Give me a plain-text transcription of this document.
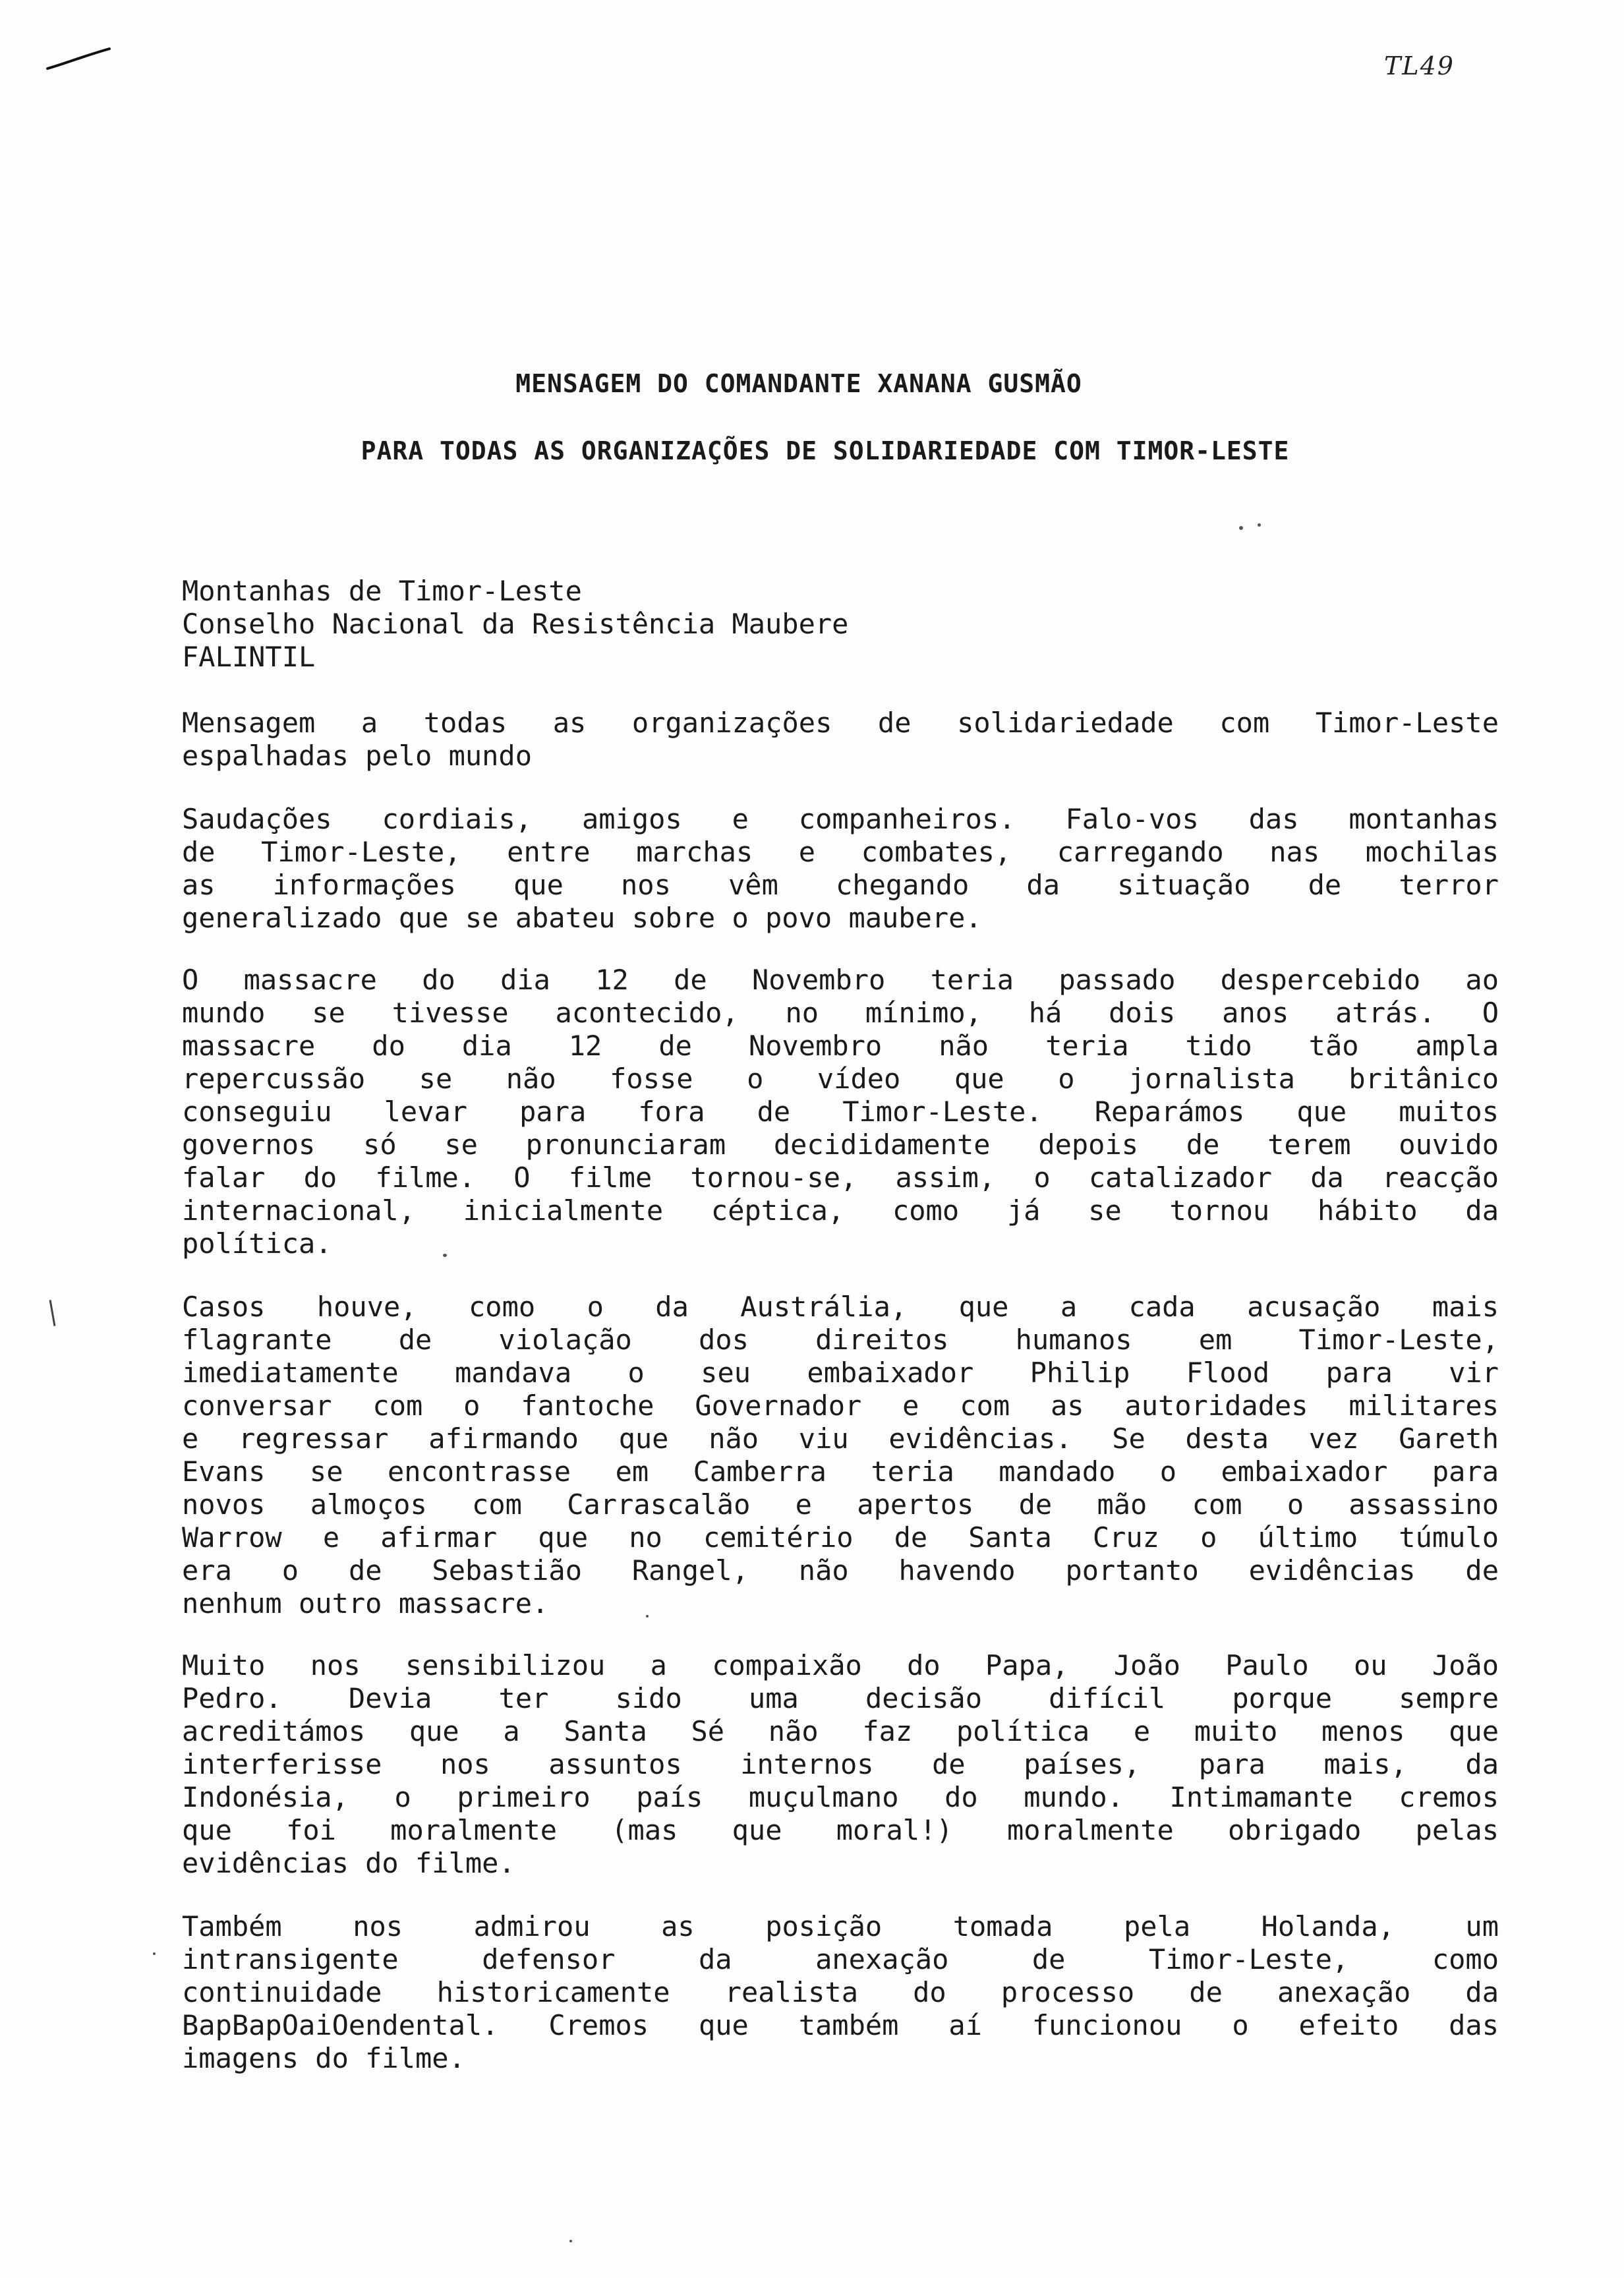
TL49
MENSAGEM DO COMANDANTE XANANA GUSMÃO
PARA TODAS AS ORGANIZAÇÕES DE SOLIDARIEDADE COM TIMOR-LESTE
Montanhas de Timor-Leste
Conselho Nacional da Resistência Maubere
FALINTIL
Mensagem a todas as organizações de solidariedade com Timor-Leste
espalhadas pelo mundo
Saudações cordiais, amigos e companheiros. Falo-vos das montanhas
de Timor-Leste, entre marchas e combates, carregando nas mochilas
as informações que nos vêm chegando da situação de terror
generalizado que se abateu sobre o povo maubere.
O massacre do dia 12 de Novembro teria passado despercebido ao
mundo se tivesse acontecido, no mínimo, há dois anos atrás. O
massacre do dia 12 de Novembro não teria tido tão ampla
repercussão se não fosse o vídeo que o jornalista britânico
conseguiu levar para fora de Timor-Leste. Reparámos que muitos
governos só se pronunciaram decididamente depois de terem ouvido
falar do filme. O filme tornou-se, assim, o catalizador da reacção
internacional, inicialmente céptica, como já se tornou hábito da
política.
Casos houve, como o da Austrália, que a cada acusação mais
flagrante de violação dos direitos humanos em Timor-Leste,
imediatamente mandava o seu embaixador Philip Flood para vir
conversar com o fantoche Governador e com as autoridades militares
e regressar afirmando que não viu evidências. Se desta vez Gareth
Evans se encontrasse em Camberra teria mandado o embaixador para
novos almoços com Carrascalão e apertos de mão com o assassino
Warrow e afirmar que no cemitério de Santa Cruz o último túmulo
era o de Sebastião Rangel, não havendo portanto evidências de
nenhum outro massacre.
Muito nos sensibilizou a compaixão do Papa, João Paulo ou João
Pedro. Devia ter sido uma decisão difícil porque sempre
acreditámos que a Santa Sé não faz política e muito menos que
interferisse nos assuntos internos de países, para mais, da
Indonésia, o primeiro país muçulmano do mundo. Intimamante cremos
que foi moralmente (mas que moral!) moralmente obrigado pelas
evidências do filme.
Também nos admirou as posição tomada pela Holanda, um
intransigente defensor da anexação de Timor-Leste, como
continuidade historicamente realista do processo de anexação da
BapBapOaiOendental. Cremos que também aí funcionou o efeito das
imagens do filme.
